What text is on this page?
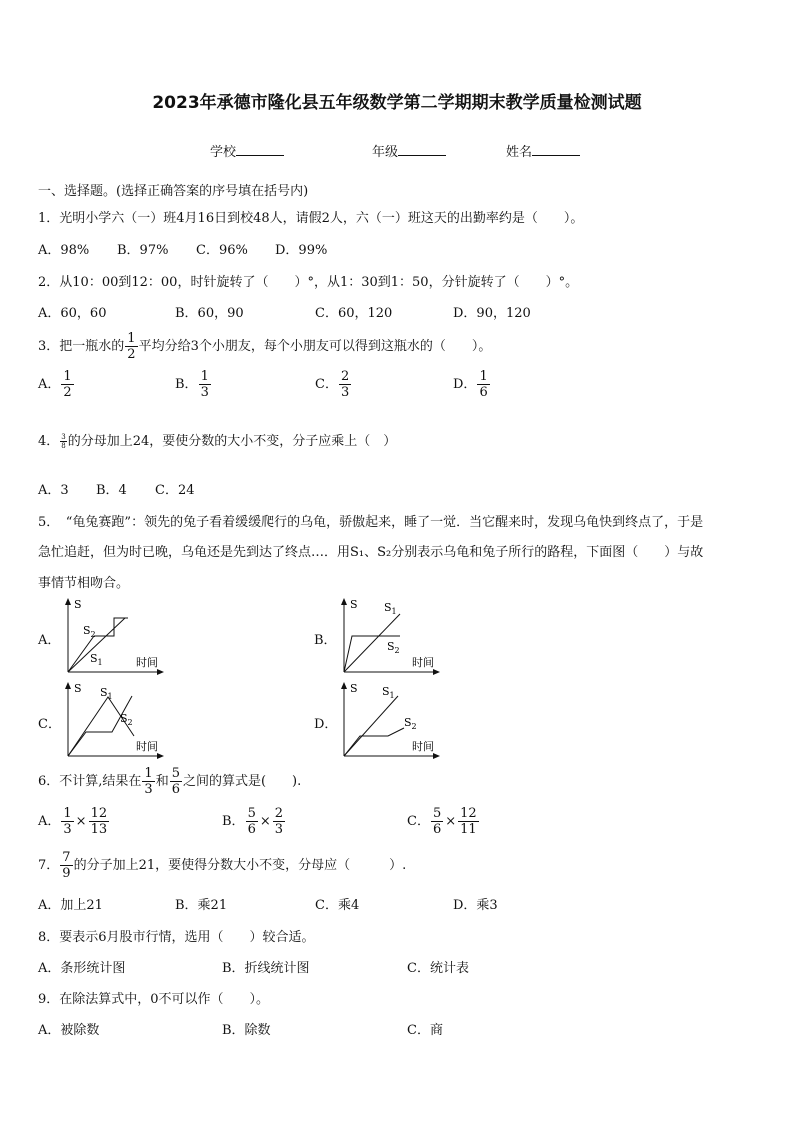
2023年承德市隆化县五年级数学第二学期期末教学质量检测试题
学校	年级	姓名
一、选择题。(选择正确答案的序号填在括号内)
1．光明小学六（一）班4月16日到校48人，请假2人，六（一）班这天的出勤率约是（　　）。
A．98% B．97% C．96% D．99%
2．从10：00到12：00，时针旋转了（　　）°，从1：30到1：50，分针旋转了（　　）°。
A．60，60	B．60，90	C．60，120	D．90，120
3．把一瓶水的 $\frac{1}{2}$ 平均分给3个小朋友，每个小朋友可以得到这瓶水的（　　）。
A． $\frac{1}{2}$	B． $\frac{1}{3}$	C． $\frac{2}{3}$	D． $\frac{1}{6}$
4． $\frac{3}{8}$ 的分母加上24，要使分数的大小不变，分子应乘上（　）
A．3 B．4 C．24
5．　“龟兔赛跑”：领先的兔子看着缓缓爬行的乌龟，骄傲起来，睡了一觉．当它醒来时，发现乌龟快到终点了，于是
急忙追赶，但为时已晚，乌龟还是先到达了终点…．用S₁、S₂分别表示乌龟和兔子所行的路程，下面图（　　）与故
事情节相吻合。
A．	B．
C．	D．
S
时间
$S_2$
$S_1$
S
时间
$S_1$
$S_2$
S
时间
$S_1$
$S_2$
S
时间
$S_1$
$S_2$
6．不计算,结果在 $\frac{1}{3}$ 和 $\frac{5}{6}$ 之间的算式是(　　).
A． $\frac{1}{3} \times \frac{12}{13}$	B． $\frac{5}{6} \times \frac{2}{3}$	C． $\frac{5}{6} \times \frac{12}{11}$
7． $\frac{7}{9}$ 的分子加上21，要使得分数大小不变，分母应（　　　）.
A．加上21	B．乘21	C．乘4	D．乘3
8．要表示6月股市行情，选用（　　）较合适。
A．条形统计图	B．折线统计图	C．统计表
9．在除法算式中，0不可以作（　　）。
A．被除数	B．除数	C．商
